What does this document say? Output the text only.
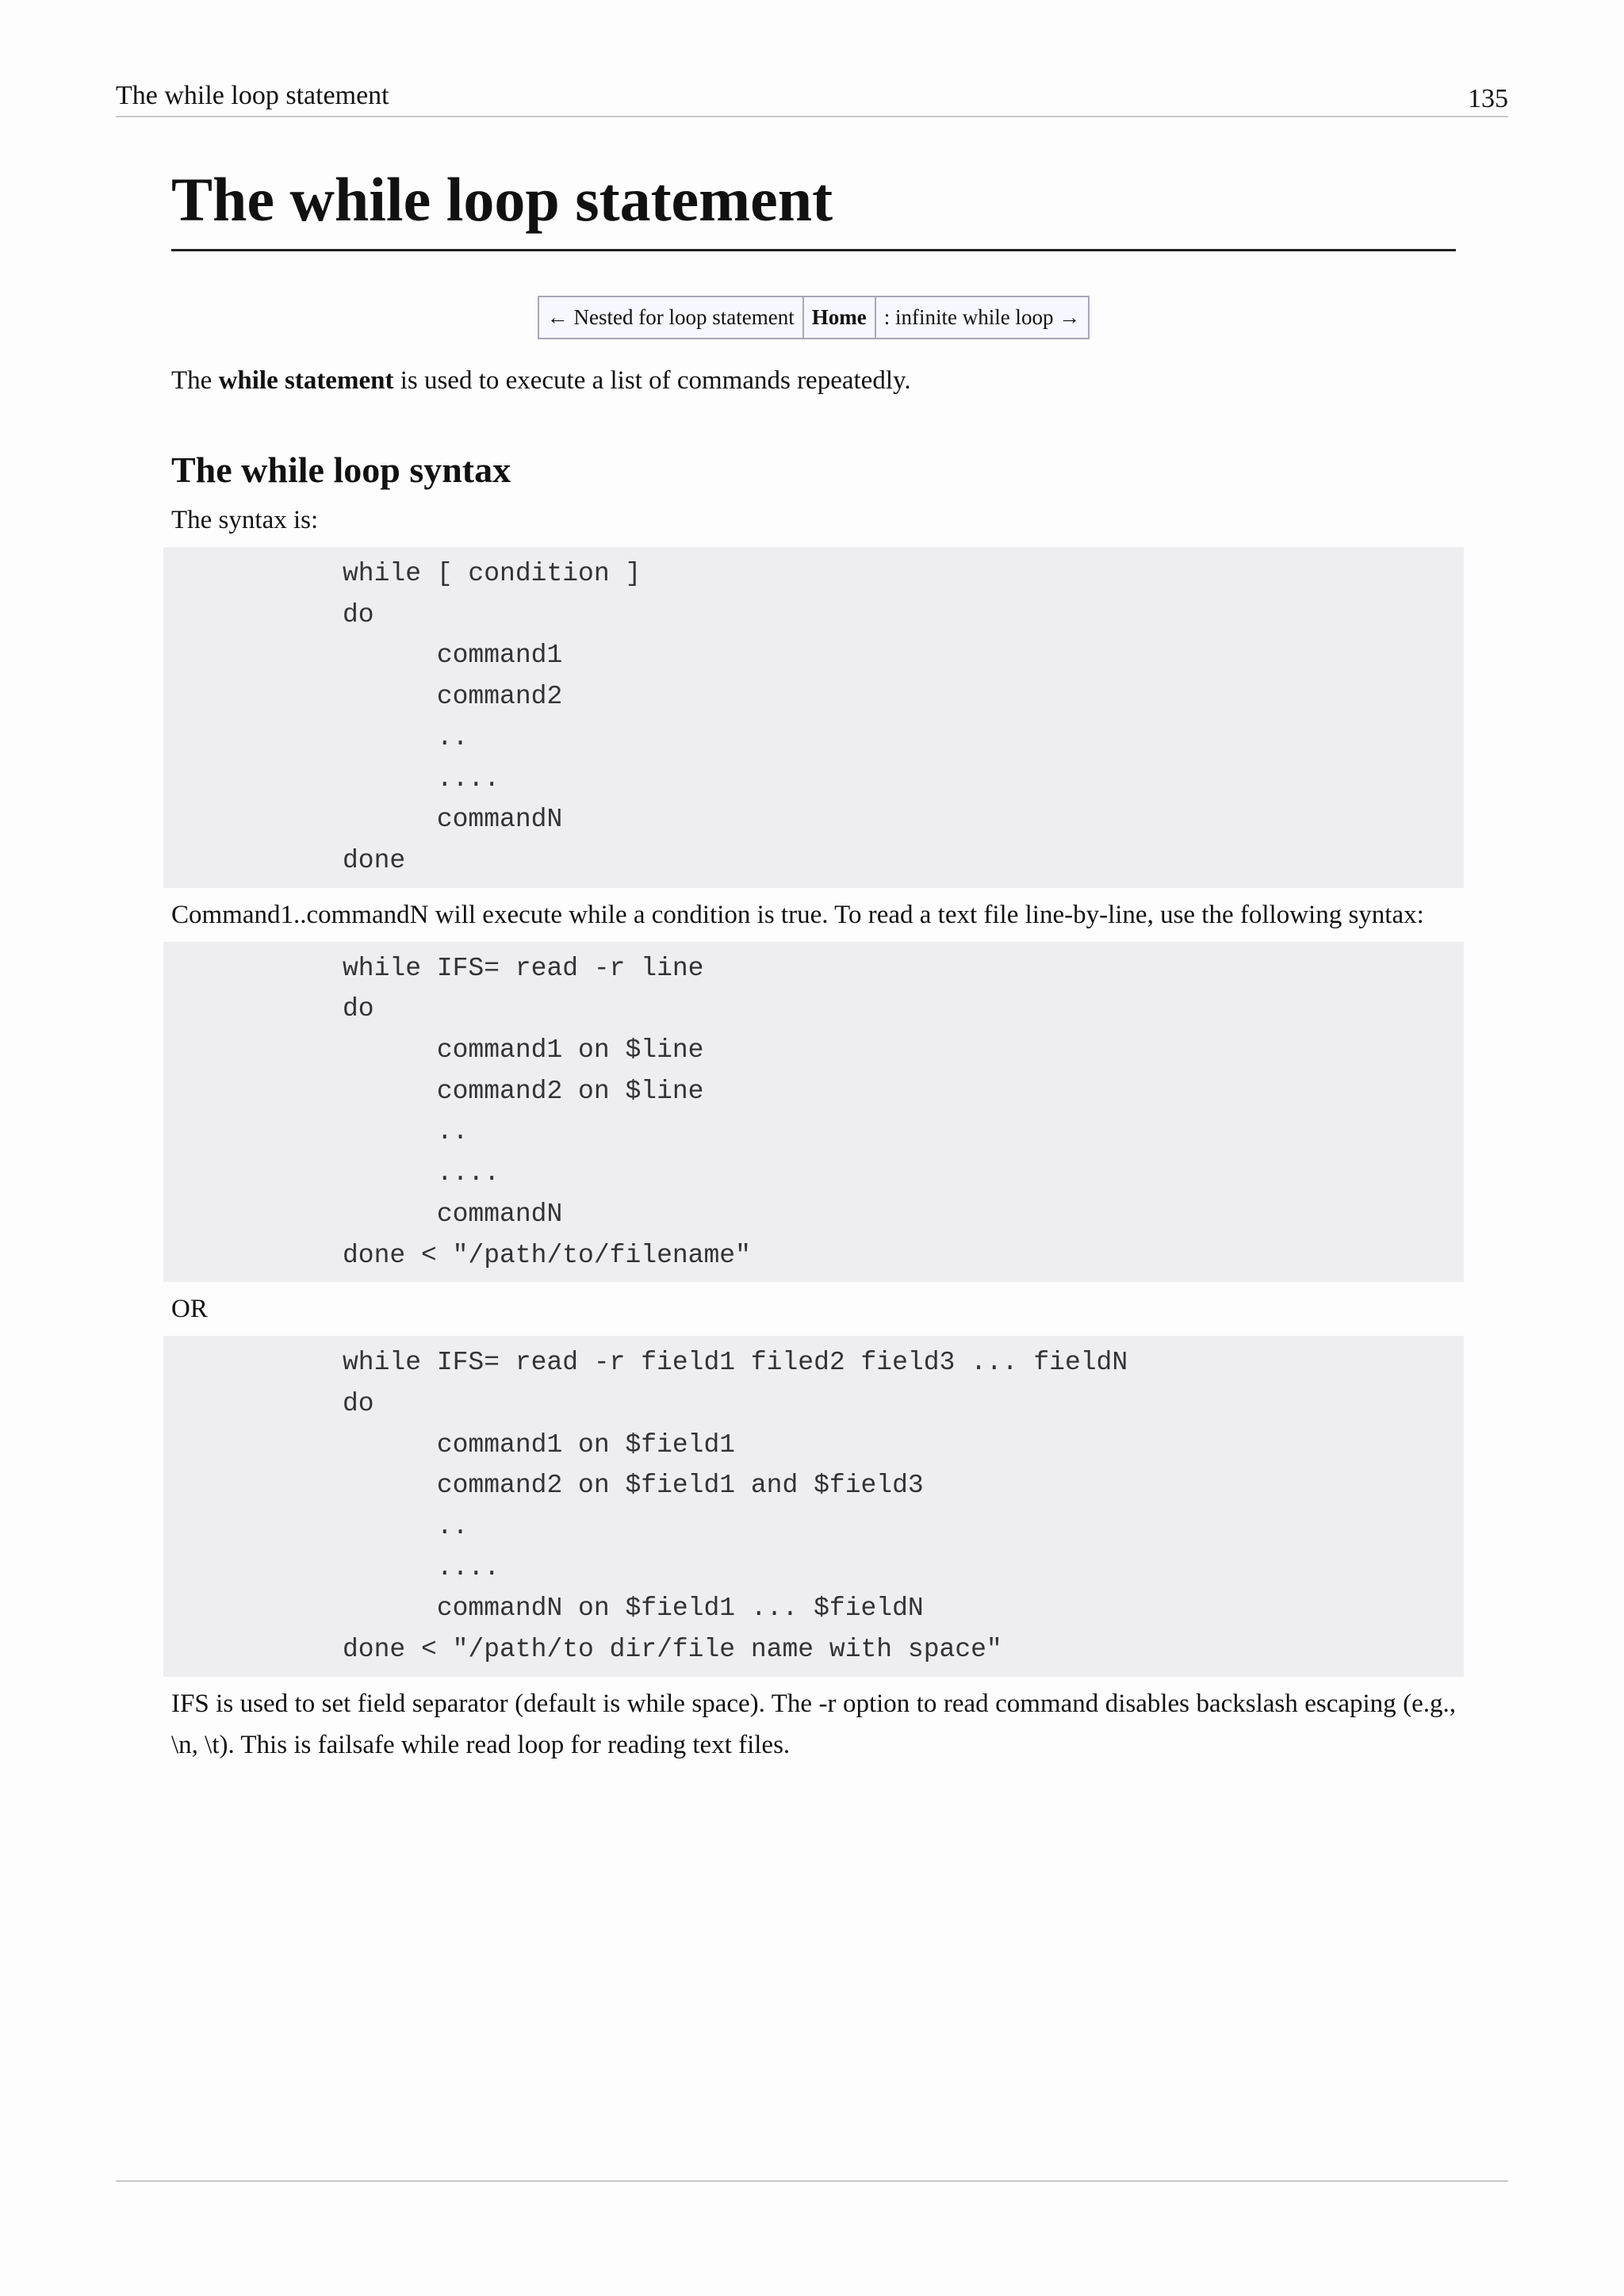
The while loop statement	135
The while loop statement
← Nested for loop statement	Home	: infinite while loop →

The while statement is used to execute a list of commands repeatedly.

The while loop syntax

The syntax is:

while [ condition ]
do
command1
command2
..
....
commandN
done

Command1..commandN will execute while a condition is true. To read a text file line-by-line, use the following syntax:

while IFS= read -r line
do
command1 on $line
command2 on $line
..
....
commandN
done < "/path/to/filename"

OR

while IFS= read -r field1 filed2 field3 ... fieldN
do
command1 on $field1
command2 on $field1 and $field3
..
....
commandN on $field1 ... $fieldN
done < "/path/to dir/file name with space"

IFS is used to set field separator (default is while space). The -r option to read command disables backslash escaping (e.g., \n, \t). This is failsafe while read loop for reading text files.
